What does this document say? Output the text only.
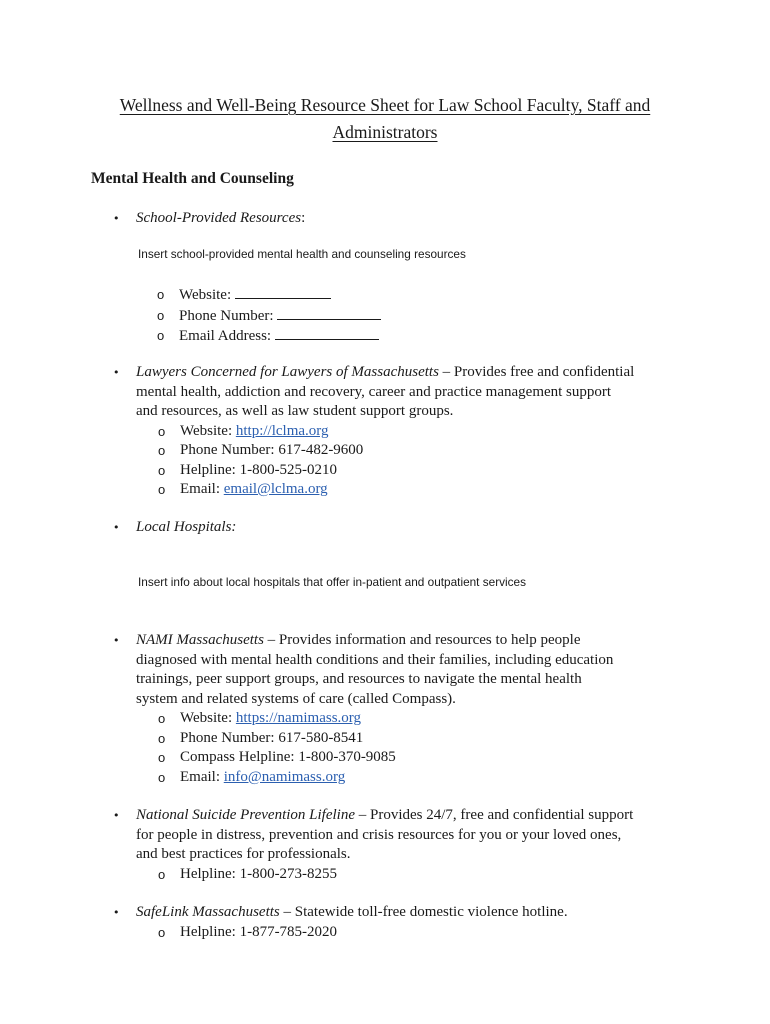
Wellness and Well-Being Resource Sheet for Law School Faculty, Staff and
Administrators
Mental Health and Counseling
•	School-Provided Resources:
Insert school-provided mental health and counseling resources
o Website:
o Phone Number:
o Email Address:
•	Lawyers Concerned for Lawyers of Massachusetts – Provides free and confidential
mental health, addiction and recovery, career and practice management support
and resources, as well as law student support groups.
o Website: http://lclma.org
o Phone Number: 617-482-9600
o Helpline: 1-800-525-0210
o Email: email@lclma.org
•	Local Hospitals:
Insert info about local hospitals that offer in-patient and outpatient services
•	NAMI Massachusetts – Provides information and resources to help people
diagnosed with mental health conditions and their families, including education
trainings, peer support groups, and resources to navigate the mental health
system and related systems of care (called Compass).
o Website: https://namimass.org
o Phone Number: 617-580-8541
o Compass Helpline: 1-800-370-9085
o Email: info@namimass.org
•	National Suicide Prevention Lifeline – Provides 24/7, free and confidential support
for people in distress, prevention and crisis resources for you or your loved ones,
and best practices for professionals.
o Helpline: 1-800-273-8255
•	SafeLink Massachusetts – Statewide toll-free domestic violence hotline.
o Helpline: 1-877-785-2020
